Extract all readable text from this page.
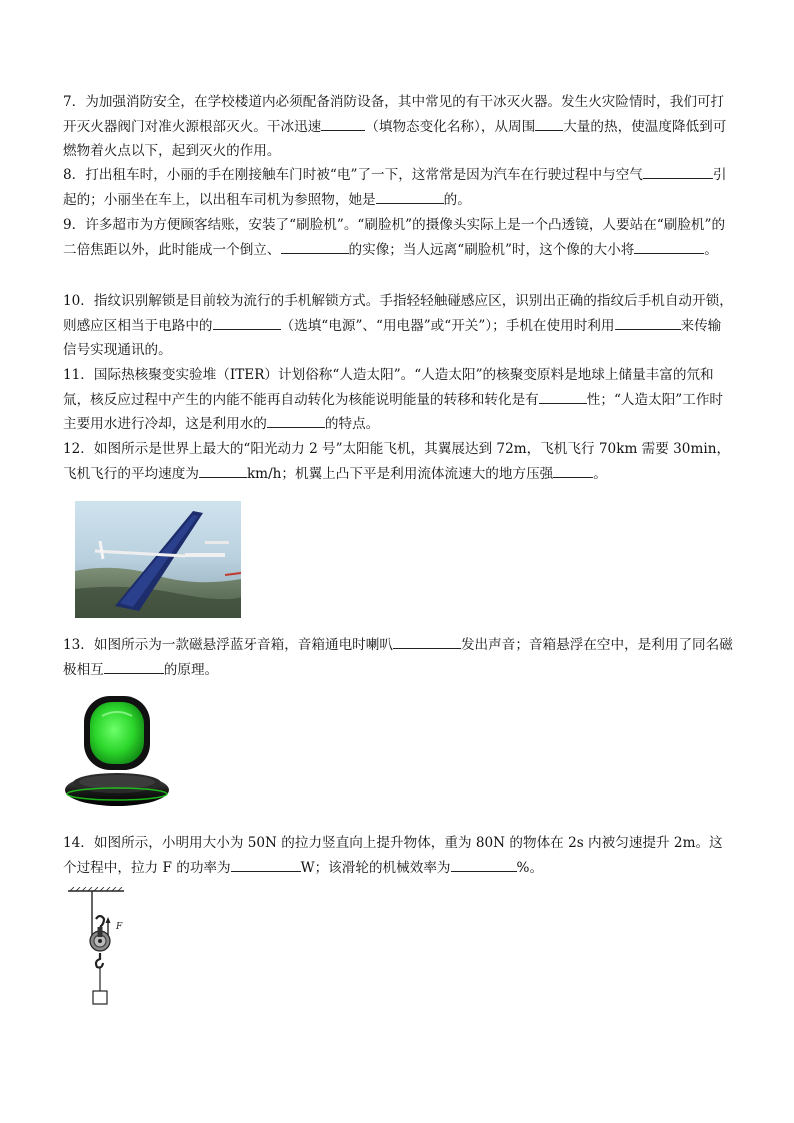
7．为加强消防安全，在学校楼道内必须配备消防设备，其中常见的有干冰灭火器。发生火灾险情时，我们可打开灭火器阀门对准火源根部灭火。干冰迅速	（填物态变化名称），从周围 大量的热，使温度降低到可燃物着火点以下，起到灭火的作用。
8．打出租车时，小丽的手在刚接触车门时被“电”了一下，这常常是因为汽车在行驶过程中与空气	引起的；小丽坐在车上，以出租车司机为参照物，她是	的。
9．许多超市为方便顾客结账，安装了“刷脸机”。“刷脸机”的摄像头实际上是一个凸透镜，人要站在“刷脸机”的二倍焦距以外，此时能成一个倒立、	的实像；当人远离“刷脸机”时，这个像的大小将	。
10．指纹识别解锁是目前较为流行的手机解锁方式。手指轻轻触碰感应区，识别出正确的指纹后手机自动开锁，则感应区相当于电路中的	（选填“电源”、“用电器”或“开关”）；手机在使用时利用	来传输信号实现通讯的。
11．国际热核聚变实验堆（ITER）计划俗称“人造太阳”。“人造太阳”的核聚变原料是地球上储量丰富的氘和氚，核反应过程中产生的内能不能再自动转化为核能说明能量的转移和转化是有	性；“人造太阳”工作时主要用水进行冷却，这是利用水的	的特点。
12．如图所示是世界上最大的“阳光动力 2 号”太阳能飞机，其翼展达到 72m，飞机飞行 70km 需要 30min，飞机飞行的平均速度为	km/h；机翼上凸下平是利用流体流速大的地方压强	。
13．如图所示为一款磁悬浮蓝牙音箱，音箱通电时喇叭	发出声音；音箱悬浮在空中，是利用了同名磁极相互	的原理。
14．如图所示，小明用大小为 50N 的拉力竖直向上提升物体，重为 80N 的物体在 2s 内被匀速提升 2m。这个过程中，拉力 F 的功率为	W；该滑轮的机械效率为	%。
F
